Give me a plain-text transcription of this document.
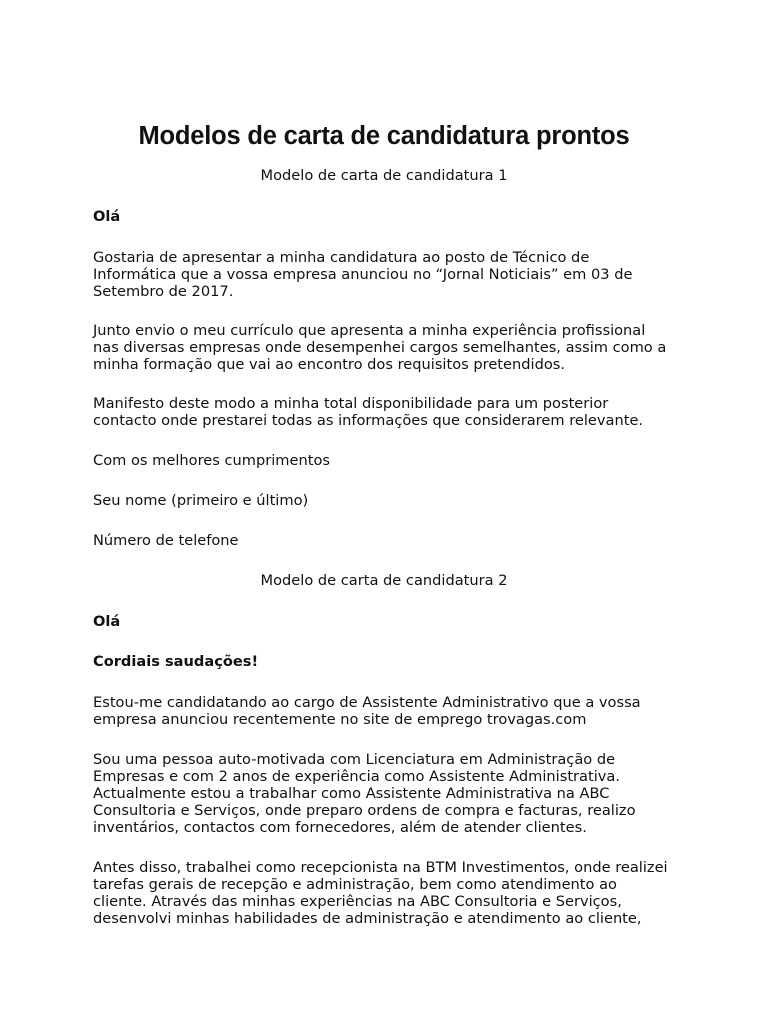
Modelos de carta de candidatura prontos

Modelo de carta de candidatura 1

Olá

Gostaria de apresentar a minha candidatura ao posto de Técnico de Informática que a vossa empresa anunciou no “Jornal Noticiais” em 03 de Setembro de 2017.

Junto envio o meu currículo que apresenta a minha experiência profissional nas diversas empresas onde desempenhei cargos semelhantes, assim como a minha formação que vai ao encontro dos requisitos pretendidos.

Manifesto deste modo a minha total disponibilidade para um posterior contacto onde prestarei todas as informações que considerarem relevante.

Com os melhores cumprimentos

Seu nome (primeiro e último)

Número de telefone

Modelo de carta de candidatura 2

Olá

Cordiais saudações!

Estou-me candidatando ao cargo de Assistente Administrativo que a vossa empresa anunciou recentemente no site de emprego trovagas.com

Sou uma pessoa auto-motivada com Licenciatura em Administração de Empresas e com 2 anos de experiência como Assistente Administrativa. Actualmente estou a trabalhar como Assistente Administrativa na ABC Consultoria e Serviços, onde preparo ordens de compra e facturas, realizo inventários, contactos com fornecedores, além de atender clientes.

Antes disso, trabalhei como recepcionista na BTM Investimentos, onde realizei tarefas gerais de recepção e administração, bem como atendimento ao cliente. Através das minhas experiências na ABC Consultoria e Serviços, desenvolvi minhas habilidades de administração e atendimento ao cliente,
